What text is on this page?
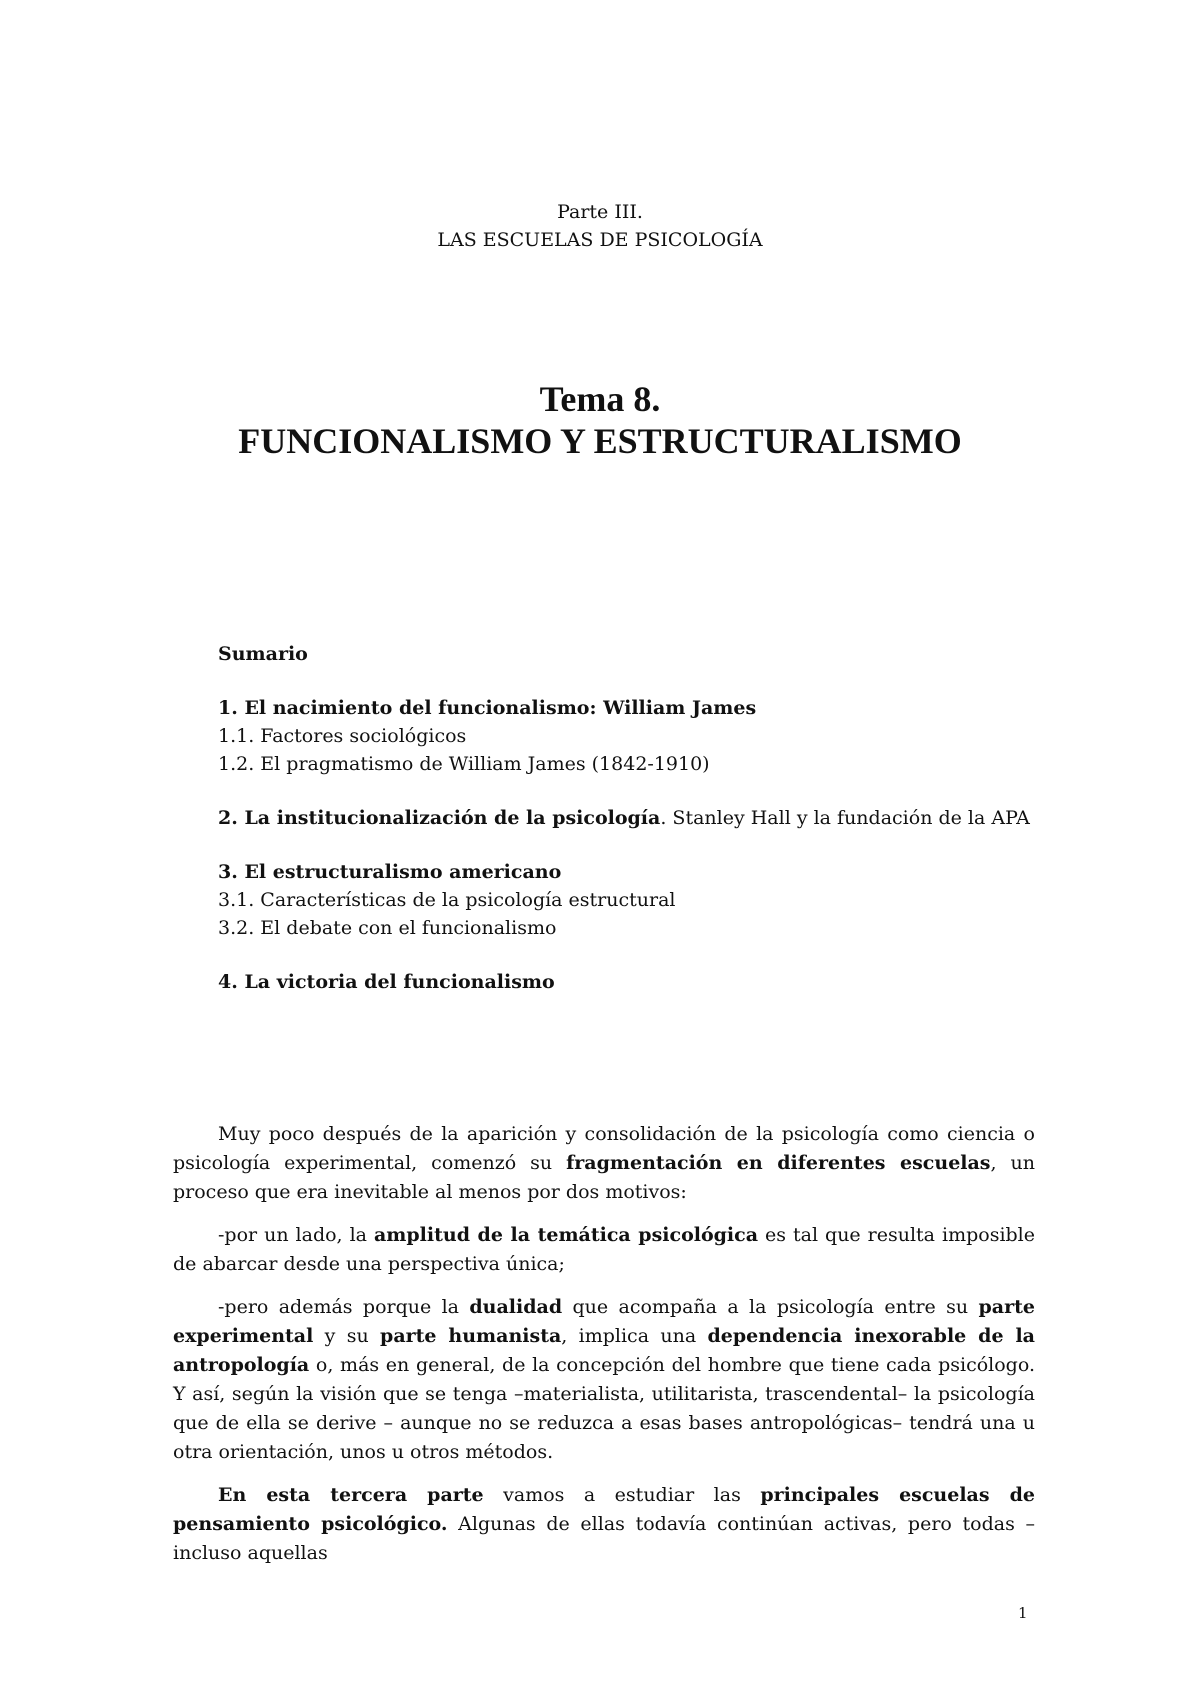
Parte III.
LAS ESCUELAS DE PSICOLOGÍA
Tema 8.
FUNCIONALISMO Y ESTRUCTURALISMO
Sumario
1. El nacimiento del funcionalismo: William James
1.1. Factores sociológicos
1.2. El pragmatismo de William James (1842-1910)
2. La institucionalización de la psicología. Stanley Hall y la fundación de la APA
3. El estructuralismo americano
3.1. Características de la psicología estructural
3.2. El debate con el funcionalismo
4. La victoria del funcionalismo

Muy poco después de la aparición y consolidación de la psicología como ciencia o psicología experimental, comenzó su fragmentación en diferentes escuelas, un proceso que era inevitable al menos por dos motivos:

-por un lado, la amplitud de la temática psicológica es tal que resulta imposible de abarcar desde una perspectiva única;

-pero además porque la dualidad que acompaña a la psicología entre su parte experimental y su parte humanista, implica una dependencia inexorable de la antropología o, más en general, de la concepción del hombre que tiene cada psicólogo. Y así, según la visión que se tenga –materialista, utilitarista, trascendental– la psicología que de ella se derive – aunque no se reduzca a esas bases antropológicas– tendrá una u otra orientación, unos u otros métodos.

En esta tercera parte vamos a estudiar las principales escuelas de pensamiento psicológico. Algunas de ellas todavía continúan activas, pero todas –incluso aquellas

1
